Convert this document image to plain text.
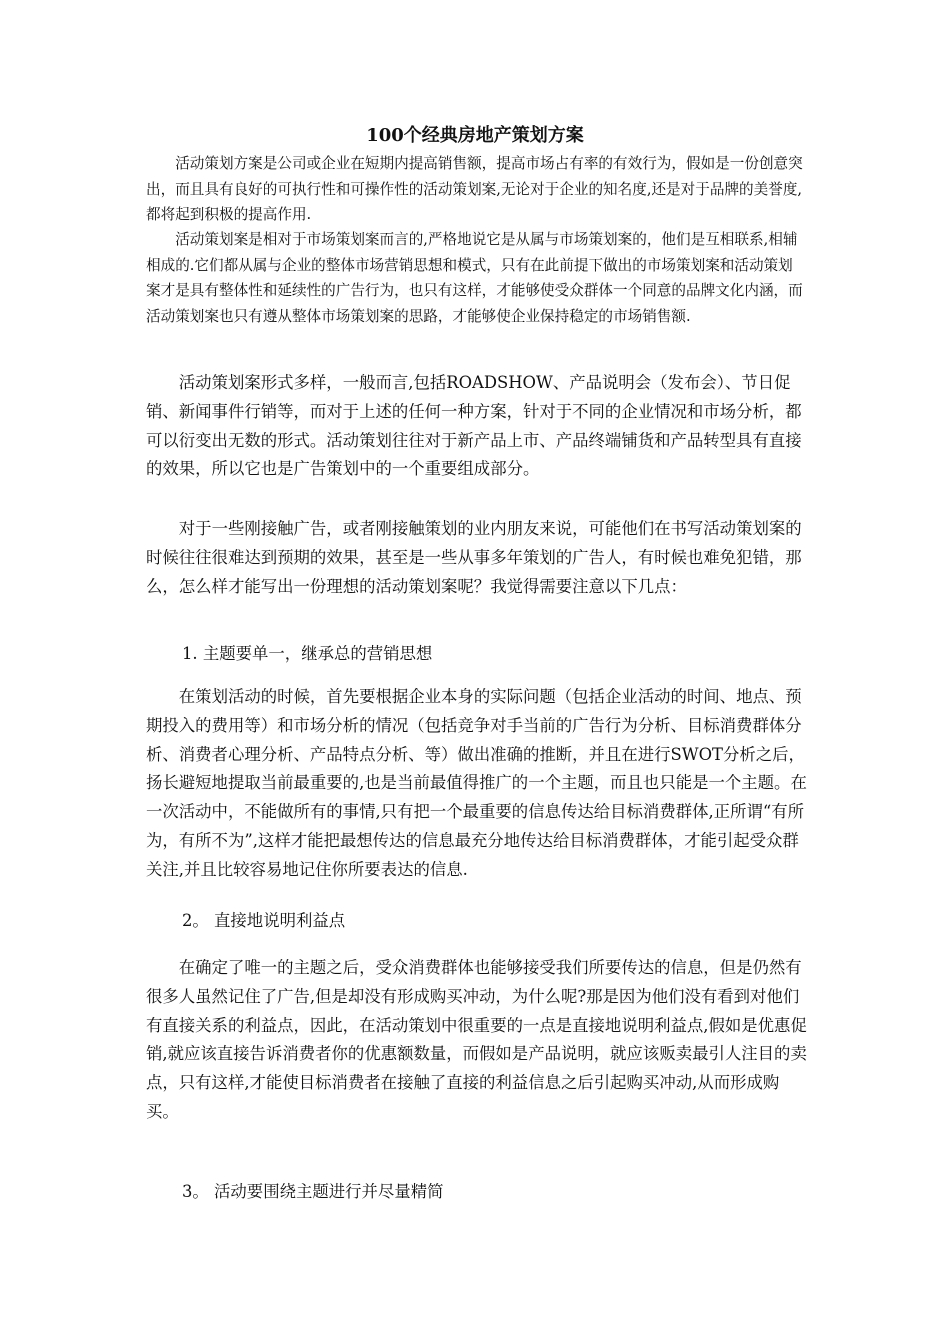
100个经典房地产策划方案

活动策划方案是公司或企业在短期内提高销售额，提高市场占有率的有效行为，假如是一份创意突出，而且具有良好的可执行性和可操作性的活动策划案,无论对于企业的知名度,还是对于品牌的美誉度,都将起到积极的提高作用.

活动策划案是相对于市场策划案而言的,严格地说它是从属与市场策划案的，他们是互相联系,相辅相成的.它们都从属与企业的整体市场营销思想和模式，只有在此前提下做出的市场策划案和活动策划案才是具有整体性和延续性的广告行为，也只有这样，才能够使受众群体一个同意的品牌文化内涵，而活动策划案也只有遵从整体市场策划案的思路，才能够使企业保持稳定的市场销售额.

活动策划案形式多样，一般而言,包括ROADSHOW、产品说明会（发布会）、节日促销、新闻事件行销等，而对于上述的任何一种方案，针对于不同的企业情况和市场分析，都可以衍变出无数的形式。活动策划往往对于新产品上市、产品终端铺货和产品转型具有直接的效果，所以它也是广告策划中的一个重要组成部分。

对于一些刚接触广告，或者刚接触策划的业内朋友来说，可能他们在书写活动策划案的时候往往很难达到预期的效果，甚至是一些从事多年策划的广告人，有时候也难免犯错，那么，怎么样才能写出一份理想的活动策划案呢？我觉得需要注意以下几点：

1. 主题要单一，继承总的营销思想

在策划活动的时候，首先要根据企业本身的实际问题（包括企业活动的时间、地点、预期投入的费用等）和市场分析的情况（包括竞争对手当前的广告行为分析、目标消费群体分析、消费者心理分析、产品特点分析、等）做出准确的推断，并且在进行SWOT分析之后，扬长避短地提取当前最重要的,也是当前最值得推广的一个主题，而且也只能是一个主题。在一次活动中，不能做所有的事情,只有把一个最重要的信息传达给目标消费群体,正所谓“有所为，有所不为”,这样才能把最想传达的信息最充分地传达给目标消费群体，才能引起受众群关注,并且比较容易地记住你所要表达的信息.

2。 直接地说明利益点

在确定了唯一的主题之后，受众消费群体也能够接受我们所要传达的信息，但是仍然有很多人虽然记住了广告,但是却没有形成购买冲动，为什么呢?那是因为他们没有看到对他们有直接关系的利益点，因此，在活动策划中很重要的一点是直接地说明利益点,假如是优惠促销,就应该直接告诉消费者你的优惠额数量，而假如是产品说明，就应该贩卖最引人注目的卖点，只有这样,才能使目标消费者在接触了直接的利益信息之后引起购买冲动,从而形成购买。

3。 活动要围绕主题进行并尽量精简
